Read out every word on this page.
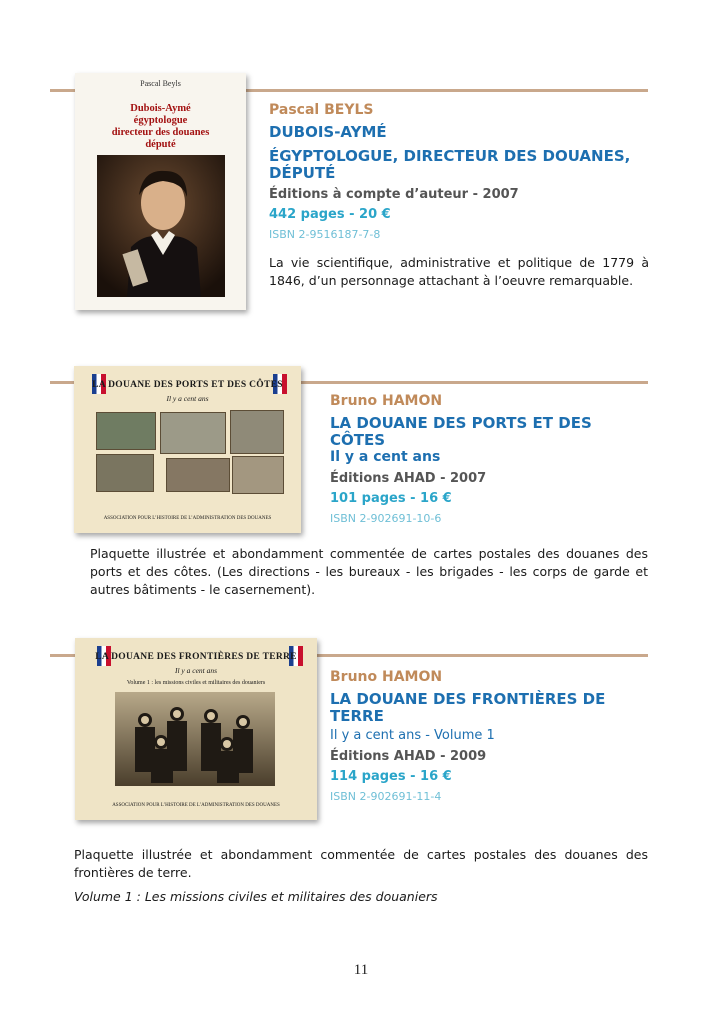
Pascal Beyls
Dubois-Aymé
égyptologue
directeur des douanes
député
Pascal BEYLS
DUBOIS-AYMÉ
ÉGYPTOLOGUE, DIRECTEUR DES DOUANES, DÉPUTÉ
Éditions à compte d’auteur - 2007
442 pages - 20 €
ISBN 2-9516187-7-8
La vie scientifique, administrative et politique de 1779 à 1846, d’un personnage attachant à l’oeuvre remarquable.
LA DOUANE DES PORTS ET DES CÔTES
Il y a cent ans
ASSOCIATION POUR L’HISTOIRE DE L’ADMINISTRATION DES DOUANES
Bruno HAMON
LA DOUANE DES PORTS ET DES CÔTES
Il y a cent ans
Éditions AHAD - 2007
101 pages - 16 €
ISBN 2-902691-10-6
Plaquette illustrée et abondamment commentée de cartes postales des douanes des ports et des côtes. (Les directions - les bureaux - les brigades - les corps de garde et autres bâtiments - le casernement).
LA DOUANE DES FRONTIÈRES DE TERRE
Il y a cent ans
Volume 1 : les missions civiles et militaires des douaniers
ASSOCIATION POUR L’HISTOIRE DE L’ADMINISTRATION DES DOUANES
Bruno HAMON
LA DOUANE DES FRONTIÈRES DE TERRE
Il y a cent ans - Volume 1
Éditions AHAD - 2009
114 pages - 16 €
ISBN 2-902691-11-4
Plaquette illustrée et abondamment commentée de cartes postales des douanes des frontières de terre.
Volume 1 : Les missions civiles et militaires des douaniers
11
